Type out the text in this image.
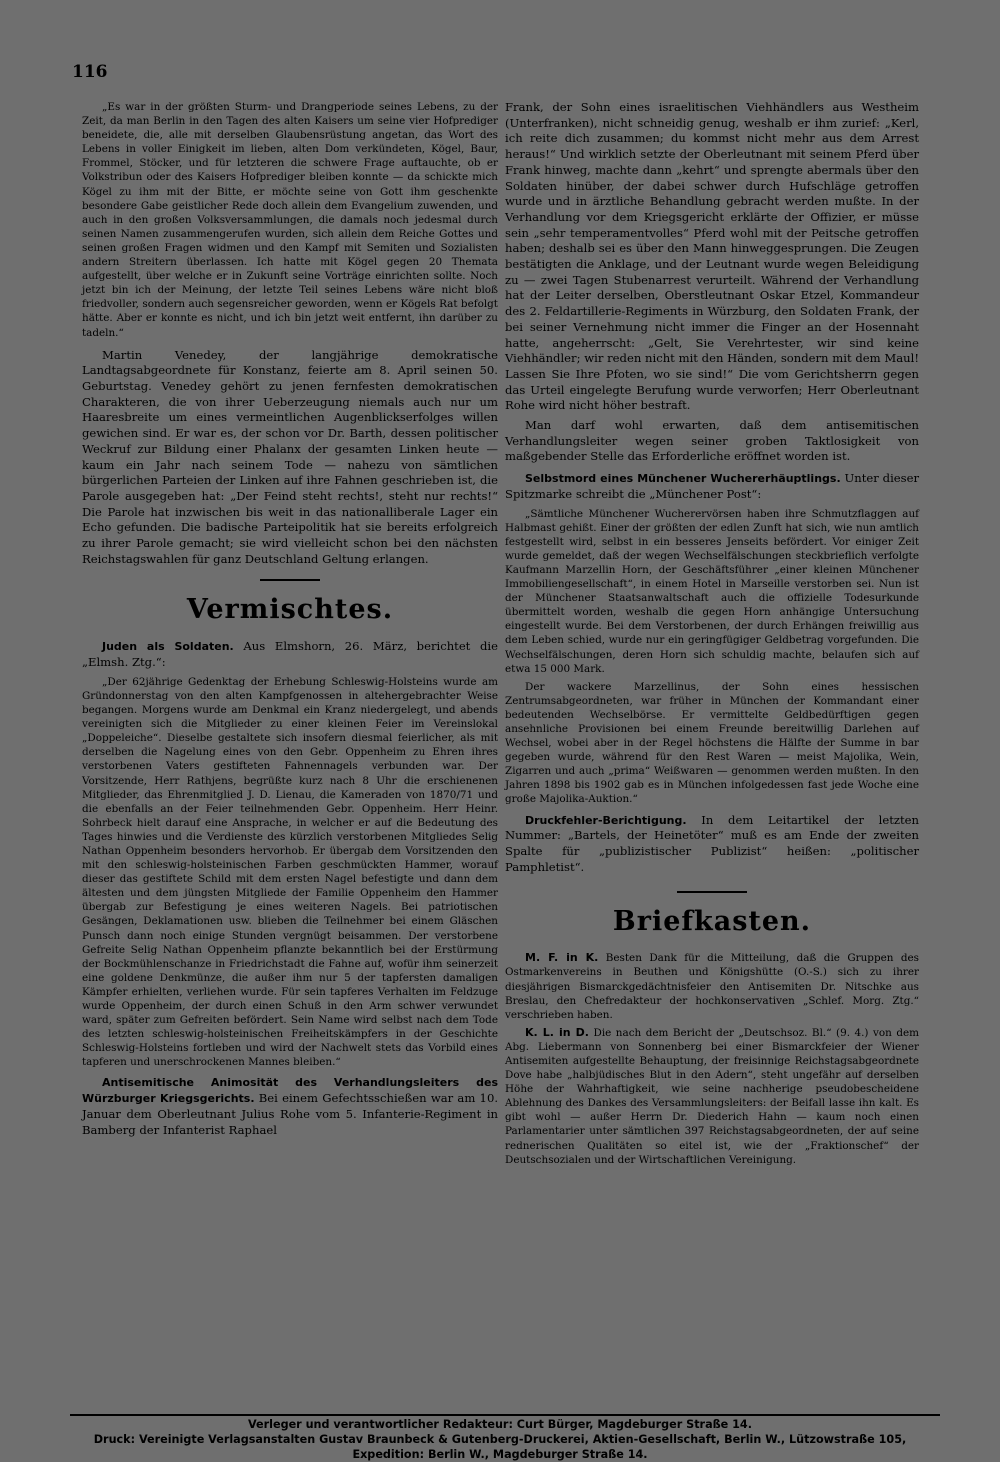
116

„Es war in der größten Sturm- und Drangperiode seines Lebens, zu der Zeit, da man Berlin in den Tagen des alten Kaisers um seine vier Hofprediger beneidete, die, alle mit derselben Glaubensrüstung angetan, das Wort des Lebens in voller Einigkeit im lieben, alten Dom verkündeten, Kögel, Baur, Frommel, Stöcker, und für letzteren die schwere Frage auftauchte, ob er Volkstribun oder des Kaisers Hofprediger bleiben konnte — da schickte mich Kögel zu ihm mit der Bitte, er möchte seine von Gott ihm geschenkte besondere Gabe geistlicher Rede doch allein dem Evangelium zuwenden, und auch in den großen Volksversammlungen, die damals noch jedesmal durch seinen Namen zusammengerufen wurden, sich allein dem Reiche Gottes und seinen großen Fragen widmen und den Kampf mit Semiten und Sozialisten andern Streitern überlassen. Ich hatte mit Kögel gegen 20 Themata aufgestellt, über welche er in Zukunft seine Vorträge einrichten sollte. Noch jetzt bin ich der Meinung, der letzte Teil seines Lebens wäre nicht bloß friedvoller, sondern auch segensreicher geworden, wenn er Kögels Rat befolgt hätte. Aber er konnte es nicht, und ich bin jetzt weit entfernt, ihn darüber zu tadeln.“

Martin Venedey, der langjährige demokratische Landtagsabgeordnete für Konstanz, feierte am 8. April seinen 50. Geburtstag. Venedey gehört zu jenen fernfesten demokratischen Charakteren, die von ihrer Ueberzeugung niemals auch nur um Haaresbreite um eines vermeintlichen Augenblickserfolges willen gewichen sind. Er war es, der schon vor Dr. Barth, dessen politischer Weckruf zur Bildung einer Phalanx der gesamten Linken heute — kaum ein Jahr nach seinem Tode — nahezu von sämtlichen bürgerlichen Parteien der Linken auf ihre Fahnen geschrieben ist, die Parole ausgegeben hat: „Der Feind steht rechts!, steht nur rechts!“ Die Parole hat inzwischen bis weit in das nationalliberale Lager ein Echo gefunden. Die badische Parteipolitik hat sie bereits erfolgreich zu ihrer Parole gemacht; sie wird vielleicht schon bei den nächsten Reichstagswahlen für ganz Deutschland Geltung erlangen.

Vermischtes.

Juden als Soldaten. Aus Elmshorn, 26. März, berichtet die „Elmsh. Ztg.“:

„Der 62jährige Gedenktag der Erhebung Schleswig-Holsteins wurde am Gründonnerstag von den alten Kampfgenossen in altehergebrachter Weise begangen. Morgens wurde am Denkmal ein Kranz niedergelegt, und abends vereinigten sich die Mitglieder zu einer kleinen Feier im Vereinslokal „Doppeleiche“. Dieselbe gestaltete sich insofern diesmal feierlicher, als mit derselben die Nagelung eines von den Gebr. Oppenheim zu Ehren ihres verstorbenen Vaters gestifteten Fahnennagels verbunden war. Der Vorsitzende, Herr Rathjens, begrüßte kurz nach 8 Uhr die erschienenen Mitglieder, das Ehrenmitglied J. D. Lienau, die Kameraden von 1870/71 und die ebenfalls an der Feier teilnehmenden Gebr. Oppenheim. Herr Heinr. Sohrbeck hielt darauf eine Ansprache, in welcher er auf die Bedeutung des Tages hinwies und die Verdienste des kürzlich verstorbenen Mitgliedes Selig Nathan Oppenheim besonders hervorhob. Er übergab dem Vorsitzenden den mit den schleswig-holsteinischen Farben geschmückten Hammer, worauf dieser das gestiftete Schild mit dem ersten Nagel befestigte und dann dem ältesten und dem jüngsten Mitgliede der Familie Oppenheim den Hammer übergab zur Befestigung je eines weiteren Nagels. Bei patriotischen Gesängen, Deklamationen usw. blieben die Teilnehmer bei einem Gläschen Punsch dann noch einige Stunden vergnügt beisammen. Der verstorbene Gefreite Selig Nathan Oppenheim pflanzte bekanntlich bei der Erstürmung der Bockmühlenschanze in Friedrichstadt die Fahne auf, wofür ihm seinerzeit eine goldene Denkmünze, die außer ihm nur 5 der tapfersten damaligen Kämpfer erhielten, verliehen wurde. Für sein tapferes Verhalten im Feldzuge wurde Oppenheim, der durch einen Schuß in den Arm schwer verwundet ward, später zum Gefreiten befördert. Sein Name wird selbst nach dem Tode des letzten schleswig-holsteinischen Freiheitskämpfers in der Geschichte Schleswig-Holsteins fortleben und wird der Nachwelt stets das Vorbild eines tapferen und unerschrockenen Mannes bleiben.“

Antisemitische Animosität des Verhandlungsleiters des Würzburger Kriegsgerichts. Bei einem Gefechtsschießen war am 10. Januar dem Oberleutnant Julius Rohe vom 5. Infanterie-Regiment in Bamberg der Infanterist Raphael

Frank, der Sohn eines israelitischen Viehhändlers aus Westheim (Unterfranken), nicht schneidig genug, weshalb er ihm zurief: „Kerl, ich reite dich zusammen; du kommst nicht mehr aus dem Arrest heraus!“ Und wirklich setzte der Oberleutnant mit seinem Pferd über Frank hinweg, machte dann „kehrt“ und sprengte abermals über den Soldaten hinüber, der dabei schwer durch Hufschläge getroffen wurde und in ärztliche Behandlung gebracht werden mußte. In der Verhandlung vor dem Kriegsgericht erklärte der Offizier, er müsse sein „sehr temperamentvolles“ Pferd wohl mit der Peitsche getroffen haben; deshalb sei es über den Mann hinweggesprungen. Die Zeugen bestätigten die Anklage, und der Leutnant wurde wegen Beleidigung zu — zwei Tagen Stubenarrest verurteilt. Während der Verhandlung hat der Leiter derselben, Oberstleutnant Oskar Etzel, Kommandeur des 2. Feldartillerie-Regiments in Würzburg, den Soldaten Frank, der bei seiner Vernehmung nicht immer die Finger an der Hosennaht hatte, angeherrscht: „Gelt, Sie Verehrtester, wir sind keine Viehhändler; wir reden nicht mit den Händen, sondern mit dem Maul! Lassen Sie Ihre Pfoten, wo sie sind!“ Die vom Gerichtsherrn gegen das Urteil eingelegte Berufung wurde verworfen; Herr Oberleutnant Rohe wird nicht höher bestraft.

Man darf wohl erwarten, daß dem antisemitischen Verhandlungsleiter wegen seiner groben Taktlosigkeit von maßgebender Stelle das Erforderliche eröffnet worden ist.

Selbstmord eines Münchener Wuchererhäuptlings. Unter dieser Spitzmarke schreibt die „Münchener Post“:

„Sämtliche Münchener Wucherervörsen haben ihre Schmutzflaggen auf Halbmast gehißt. Einer der größten der edlen Zunft hat sich, wie nun amtlich festgestellt wird, selbst in ein besseres Jenseits befördert. Vor einiger Zeit wurde gemeldet, daß der wegen Wechselfälschungen steckbrieflich verfolgte Kaufmann Marzellin Horn, der Geschäftsführer „einer kleinen Münchener Immobiliengesellschaft“, in einem Hotel in Marseille verstorben sei. Nun ist der Münchener Staatsanwaltschaft auch die offizielle Todesurkunde übermittelt worden, weshalb die gegen Horn anhängige Untersuchung eingestellt wurde. Bei dem Verstorbenen, der durch Erhängen freiwillig aus dem Leben schied, wurde nur ein geringfügiger Geldbetrag vorgefunden. Die Wechselfälschungen, deren Horn sich schuldig machte, belaufen sich auf etwa 15 000 Mark.

Der wackere Marzellinus, der Sohn eines hessischen Zentrumsabgeordneten, war früher in München der Kommandant einer bedeutenden Wechselbörse. Er vermittelte Geldbedürftigen gegen ansehnliche Provisionen bei einem Freunde bereitwillig Darlehen auf Wechsel, wobei aber in der Regel höchstens die Hälfte der Summe in bar gegeben wurde, während für den Rest Waren — meist Majolika, Wein, Zigarren und auch „prima“ Weißwaren — genommen werden mußten. In den Jahren 1898 bis 1902 gab es in München infolgedessen fast jede Woche eine große Majolika-Auktion.“

Druckfehler-Berichtigung. In dem Leitartikel der letzten Nummer: „Bartels, der Heinetöter“ muß es am Ende der zweiten Spalte für „publizistischer Publizist“ heißen: „politischer Pamphletist“.

Briefkasten.

M. F. in K. Besten Dank für die Mitteilung, daß die Gruppen des Ostmarkenvereins in Beuthen und Königshütte (O.-S.) sich zu ihrer diesjährigen Bismarckgedächtnisfeier den Antisemiten Dr. Nitschke aus Breslau, den Chefredakteur der hochkonservativen „Schlef. Morg. Ztg.“ verschrieben haben.

K. L. in D. Die nach dem Bericht der „Deutschsoz. Bl.“ (9. 4.) von dem Abg. Liebermann von Sonnenberg bei einer Bismarckfeier der Wiener Antisemiten aufgestellte Behauptung, der freisinnige Reichstagsabgeordnete Dove habe „halbjüdisches Blut in den Adern“, steht ungefähr auf derselben Höhe der Wahrhaftigkeit, wie seine nachherige pseudobescheidene Ablehnung des Dankes des Versammlungsleiters: der Beifall lasse ihn kalt. Es gibt wohl — außer Herrn Dr. Diederich Hahn — kaum noch einen Parlamentarier unter sämtlichen 397 Reichstagsabgeordneten, der auf seine rednerischen Qualitäten so eitel ist, wie der „Fraktionschef“ der Deutschsozialen und der Wirtschaftlichen Vereinigung.

Verleger und verantwortlicher Redakteur: Curt Bürger, Magdeburger Straße 14.
Druck: Vereinigte Verlagsanstalten Gustav Braunbeck & Gutenberg-Druckerei, Aktien-Gesellschaft, Berlin W., Lützowstraße 105,
Expedition: Berlin W., Magdeburger Straße 14.
